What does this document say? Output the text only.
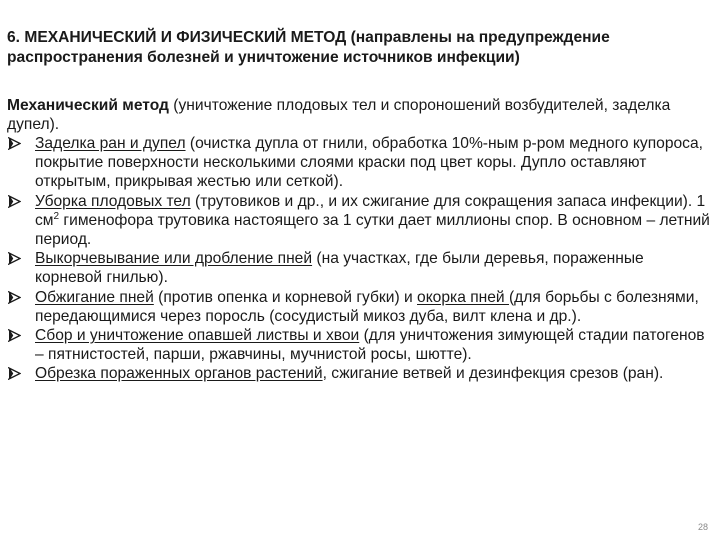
6. МЕХАНИЧЕСКИЙ И ФИЗИЧЕСКИЙ МЕТОД (направлены на предупреждение распространения болезней и уничтожение источников инфекции)
Механический метод (уничтожение плодовых тел и спороношений возбудителей, заделка дупел).
Заделка ран и дупел (очистка дупла от гнили, обработка 10%-ным р-ром медного купороса, покрытие поверхности несколькими слоями краски под цвет коры. Дупло оставляют открытым, прикрывая жестью или сеткой).
Уборка плодовых тел (трутовиков и др., и их сжигание для сокращения запаса инфекции). 1 $см^2$ гименофора трутовика настоящего за 1 сутки дает миллионы спор. В основном – летний период.
Выкорчевывание или дробление пней (на участках, где были деревья, пораженные корневой гнилью).
Обжигание пней (против опенка и корневой губки) и окорка пней (для борьбы с болезнями, передающимися через поросль (сосудистый микоз дуба, вилт клена и др.).
Сбор и уничтожение опавшей листвы и хвои (для уничтожения зимующей стадии патогенов – пятнистостей, парши, ржавчины, мучнистой росы, шютте).
Обрезка пораженных органов растений, сжигание ветвей и дезинфекция срезов (ран).
28
